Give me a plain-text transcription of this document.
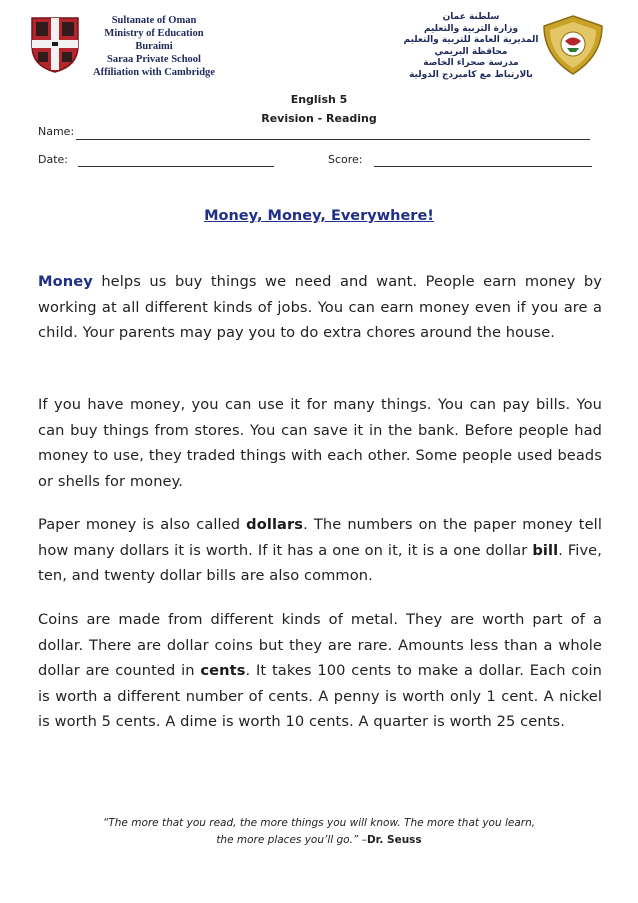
Sultanate of Oman
Ministry of Education
Buraimi
Saraa Private School
Affiliation with Cambridge
سلطنة عمان
وزارة التربية والتعليم
المديرية العامة للتربية والتعليم
محافظة البريمي
مدرسة صحراء الخاصة
بالارتباط مع كامبردج الدولية
English 5
Revision - Reading
Name:
Date:	Score:
Money, Money, Everywhere!
Money helps us buy things we need and want. People earn money by working at all different kinds of jobs. You can earn money even if you are a child. Your parents may pay you to do extra chores around the house.
If you have money, you can use it for many things. You can pay bills. You can buy things from stores. You can save it in the bank. Before people had money to use, they traded things with each other. Some people used beads or shells for money.
Paper money is also called dollars. The numbers on the paper money tell how many dollars it is worth. If it has a one on it, it is a one dollar bill. Five, ten, and twenty dollar bills are also common.
Coins are made from different kinds of metal. They are worth part of a dollar. There are dollar coins but they are rare. Amounts less than a whole dollar are counted in cents. It takes 100 cents to make a dollar. Each coin is worth a different number of cents. A penny is worth only 1 cent. A nickel is worth 5 cents. A dime is worth 10 cents. A quarter is worth 25 cents.
“The more that you read, the more things you will know. The more that you learn,
the more places you’ll go.” –Dr. Seuss
